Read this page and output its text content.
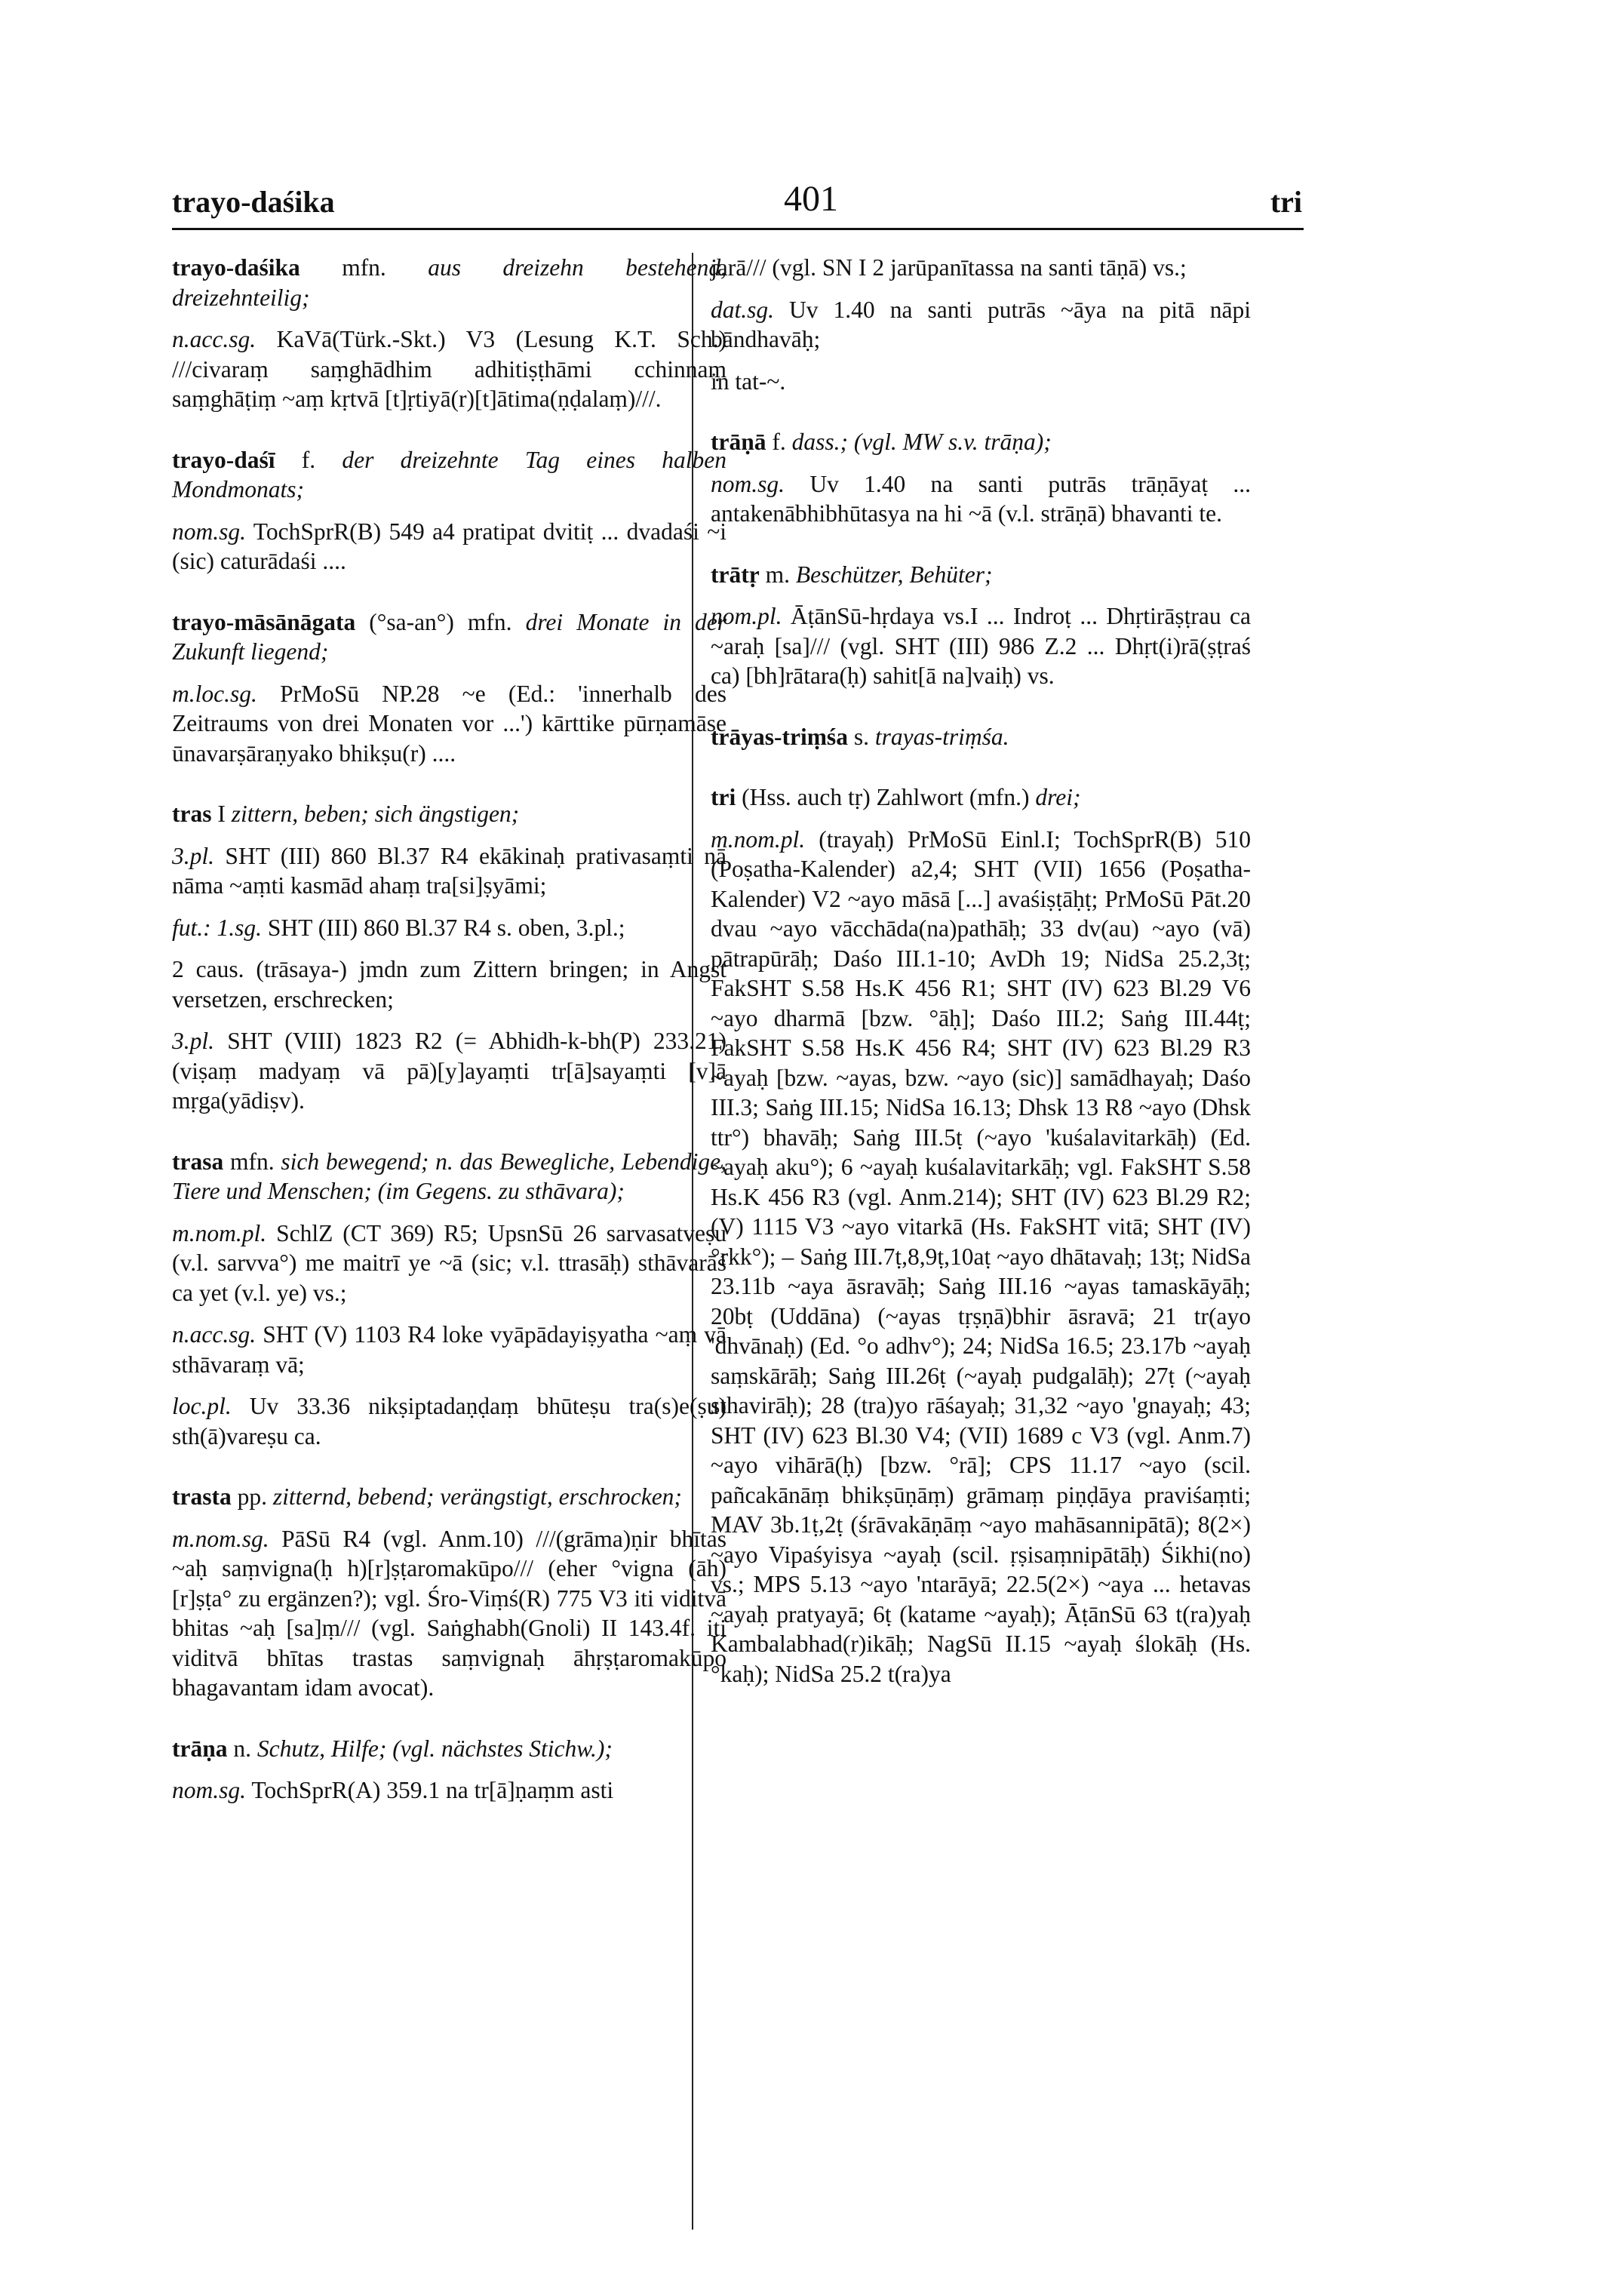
trayo-daśika	401	tri

trayo-daśika mfn. aus dreizehn bestehend, dreizehnteilig;

n.acc.sg. KaVā(Türk.-Skt.) V3 (Lesung K.T. Sch.) ///civaraṃ saṃghādhim adhitiṣṭhāmi cchinnaṃ saṃghāṭiṃ ~aṃ kṛtvā [t]ṛtiyā(r)[t]ātima(ṇḍalaṃ)///.

trayo-daśī f. der dreizehnte Tag eines halben Mondmonats;

nom.sg. TochSprR(B) 549 a4 pratipat dvitiṭ ... dvadaśi ~i (sic) caturādaśi ....

trayo-māsānāgata (°sa-an°) mfn. drei Monate in der Zukunft liegend;

m.loc.sg. PrMoSū NP.28 ~e (Ed.: 'innerhalb des Zeitraums von drei Monaten vor ...') kārttike pūrṇamāse ūnavarṣāraṇyako bhikṣu(r) ....

tras I zittern, beben; sich ängstigen;

3.pl. SHT (III) 860 Bl.37 R4 ekākinaḥ prativasaṃti nā nāma ~aṃti kasmād ahaṃ tra[si]ṣyāmi;

fut.: 1.sg. SHT (III) 860 Bl.37 R4 s. oben, 3.pl.;

2 caus. (trāsaya-) jmdn zum Zittern bringen; in Angst versetzen, erschrecken;

3.pl. SHT (VIII) 1823 R2 (= Abhidh-k-bh(P) 233.21) (viṣaṃ madyaṃ vā pā)[y]ayaṃti tr[ā]sayaṃti [v]ā mṛga(yādiṣv).

trasa mfn. sich bewegend; n. das Bewegliche, Lebendige, Tiere und Menschen; (im Gegens. zu sthāvara);

m.nom.pl. SchlZ (CT 369) R5; UpsnSū 26 sarvasatveṣu (v.l. sarvva°) me maitrī ye ~ā (sic; v.l. ttrasāḥ) sthāvarāś ca yet (v.l. ye) vs.;

n.acc.sg. SHT (V) 1103 R4 loke vyāpādayiṣyatha ~aṃ vā sthāvaraṃ vā;

loc.pl. Uv 33.36 nikṣiptadaṇḍaṃ bhūteṣu tra(s)e(ṣu) sth(ā)vareṣu ca.

trasta pp. zitternd, bebend; verängstigt, erschrocken;

m.nom.sg. PāSū R4 (vgl. Anm.10) ///(grāma)ṇir bhītas ~aḥ saṃvigna(ḥ h)[r]ṣṭaromakūpo/// (eher °vigna (āh)[r]ṣṭa° zu ergänzen?); vgl. Śro-Viṃś(R) 775 V3 iti viditvā bhitas ~aḥ [sa]ṃ/// (vgl. Saṅghabh(Gnoli) II 143.4f. iti viditvā bhītas trastas saṃvignaḥ āhṛṣṭaromakūpo bhagavantam idam avocat).

trāṇa n. Schutz, Hilfe; (vgl. nächstes Stichw.);

nom.sg. TochSprR(A) 359.1 na tr[ā]ṇaṃm asti

jarā/// (vgl. SN I 2 jarūpanītassa na santi tāṇā) vs.;

dat.sg. Uv 1.40 na santi putrās ~āya na pitā nāpi bāndhavāḥ;

in tat-~.

trāṇā f. dass.; (vgl. MW s.v. trāṇa);

nom.sg. Uv 1.40 na santi putrās trāṇāyaṭ ... antakenābhibhūtasya na hi ~ā (v.l. strāṇā) bhavanti te.

trātṛ m. Beschützer, Behüter;

nom.pl. ĀṭānSū-hṛdaya vs.I ... Indroṭ ... Dhṛtirāṣṭrau ca ~araḥ [sa]/// (vgl. SHT (III) 986 Z.2 ... Dhṛt(i)rā(ṣṭraś ca) [bh]rātara(ḥ) sahit[ā na]vaiḥ) vs.

trāyas-triṃśa s. trayas-triṃśa.

tri (Hss. auch tṛ) Zahlwort (mfn.) drei;

m.nom.pl. (trayaḥ) PrMoSū Einl.I; TochSprR(B) 510 (Poṣatha-Kalender) a2,4; SHT (VII) 1656 (Poṣatha-Kalender) V2 ~ayo māsā [...] avaśiṣṭāḥṭ; PrMoSū Pāt.20 dvau ~ayo vācchāda(na)pathāḥ; 33 dv(au) ~ayo (vā) pātrapūrāḥ; Daśo III.1-10; AvDh 19; NidSa 25.2,3ṭ; FakSHT S.58 Hs.K 456 R1; SHT (IV) 623 Bl.29 V6 ~ayo dharmā [bzw. °āḥ]; Daśo III.2; Saṅg III.44ṭ; FakSHT S.58 Hs.K 456 R4; SHT (IV) 623 Bl.29 R3 ~ayaḥ [bzw. ~ayas, bzw. ~ayo (sic)] samādhayaḥ; Daśo III.3; Saṅg III.15; NidSa 16.13; Dhsk 13 R8 ~ayo (Dhsk ttr°) bhavāḥ; Saṅg III.5ṭ (~ayo 'kuśalavitarkāḥ) (Ed. ~ayaḥ aku°); 6 ~ayaḥ kuśalavitarkāḥ; vgl. FakSHT S.58 Hs.K 456 R3 (vgl. Anm.214); SHT (IV) 623 Bl.29 R2; (V) 1115 V3 ~ayo vitarkā (Hs. FakSHT vitā; SHT (IV) °rkk°); – Saṅg III.7ṭ,8,9ṭ,10aṭ ~ayo dhātavaḥ; 13ṭ; NidSa 23.11b ~aya āsravāḥ; Saṅg III.16 ~ayas tamaskāyāḥ; 20bṭ (Uddāna) (~ayas tṛṣṇā)bhir āsravā; 21 tr(ayo 'dhvānaḥ) (Ed. °o adhv°); 24; NidSa 16.5; 23.17b ~ayaḥ saṃskārāḥ; Saṅg III.26ṭ (~ayaḥ pudgalāḥ); 27ṭ (~ayaḥ sthavirāḥ); 28 (tra)yo rāśayaḥ; 31,32 ~ayo 'gnayaḥ; 43; SHT (IV) 623 Bl.30 V4; (VII) 1689 c V3 (vgl. Anm.7) ~ayo vihārā(ḥ) [bzw. °rā]; CPS 11.17 ~ayo (scil. pañcakānāṃ bhikṣūṇāṃ) grāmaṃ piṇḍāya praviśaṃti; MAV 3b.1ṭ,2ṭ (śrāvakāṇāṃ ~ayo mahāsannipātā); 8(2×) ~ayo Vipaśyisya ~ayaḥ (scil. ṛṣisaṃnipātāḥ) Śikhi(no) vs.; MPS 5.13 ~ayo 'ntarāyā; 22.5(2×) ~aya ... hetavas ~ayaḥ pratyayā; 6ṭ (katame ~ayaḥ); ĀṭānSū 63 t(ra)yaḥ Kambalabhad(r)ikāḥ; NagSū II.15 ~ayaḥ ślokāḥ (Hs. °kaḥ); NidSa 25.2 t(ra)ya
